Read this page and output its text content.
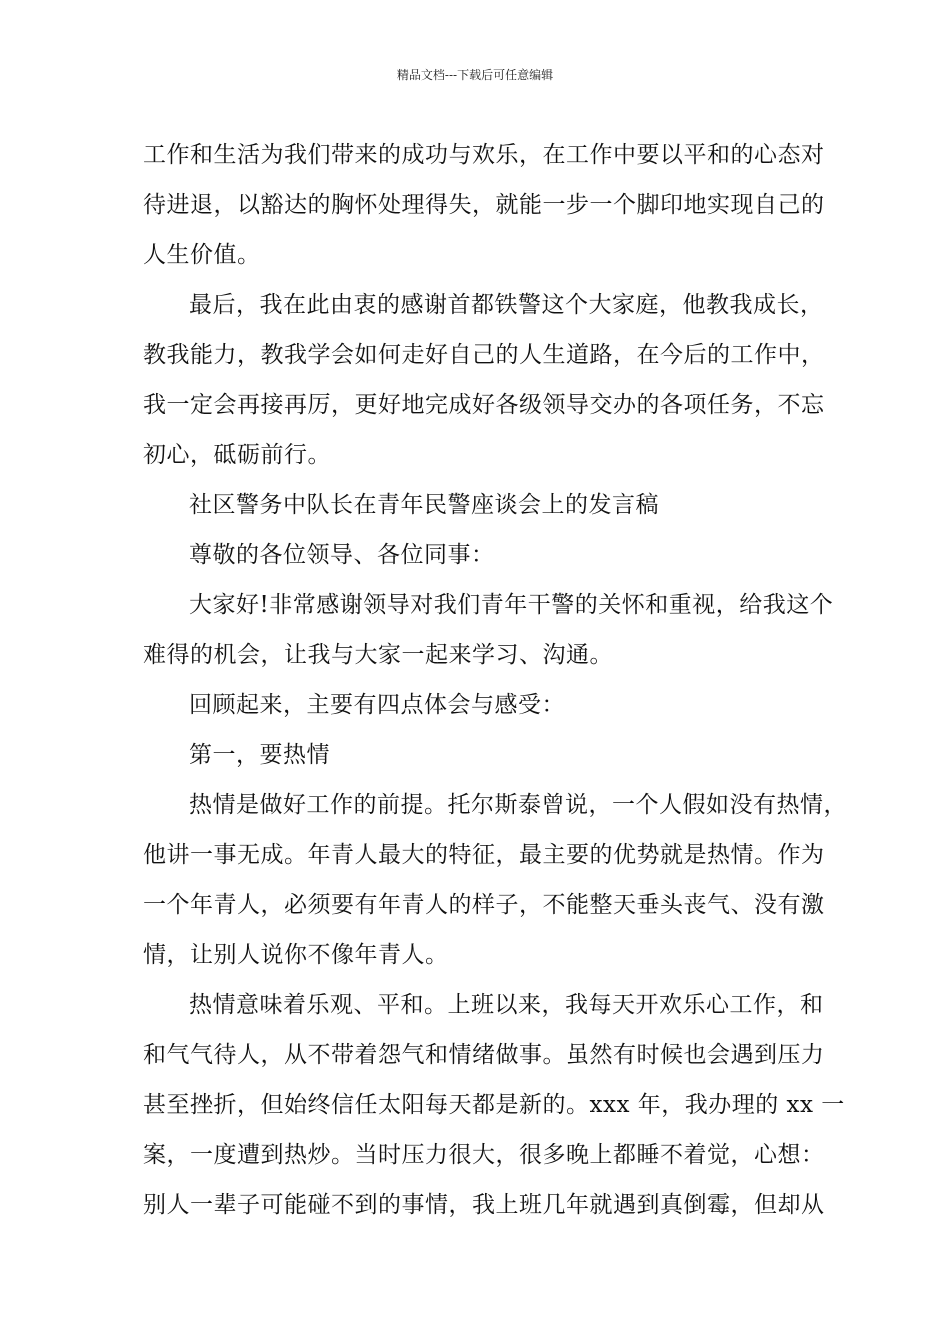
精品文档---下载后可任意编辑
工作和生活为我们带来的成功与欢乐，在工作中要以平和的心态对
待进退，以豁达的胸怀处理得失，就能一步一个脚印地实现自己的
人生价值。
最后，我在此由衷的感谢首都铁警这个大家庭，他教我成长，
教我能力，教我学会如何走好自己的人生道路，在今后的工作中，
我一定会再接再厉，更好地完成好各级领导交办的各项任务，不忘
初心，砥砺前行。
社区警务中队长在青年民警座谈会上的发言稿
尊敬的各位领导、各位同事：
大家好!非常感谢领导对我们青年干警的关怀和重视，给我这个
难得的机会，让我与大家一起来学习、沟通。
回顾起来，主要有四点体会与感受：
第一，要热情
热情是做好工作的前提。托尔斯泰曾说，一个人假如没有热情，
他讲一事无成。年青人最大的特征，最主要的优势就是热情。作为
一个年青人，必须要有年青人的样子，不能整天垂头丧气、没有激
情，让别人说你不像年青人。
热情意味着乐观、平和。上班以来，我每天开欢乐心工作，和
和气气待人，从不带着怨气和情绪做事。虽然有时候也会遇到压力
甚至挫折，但始终信任太阳每天都是新的。xxx 年，我办理的 xx 一
案，一度遭到热炒。当时压力很大，很多晚上都睡不着觉，心想：
别人一辈子可能碰不到的事情，我上班几年就遇到真倒霉，但却从
